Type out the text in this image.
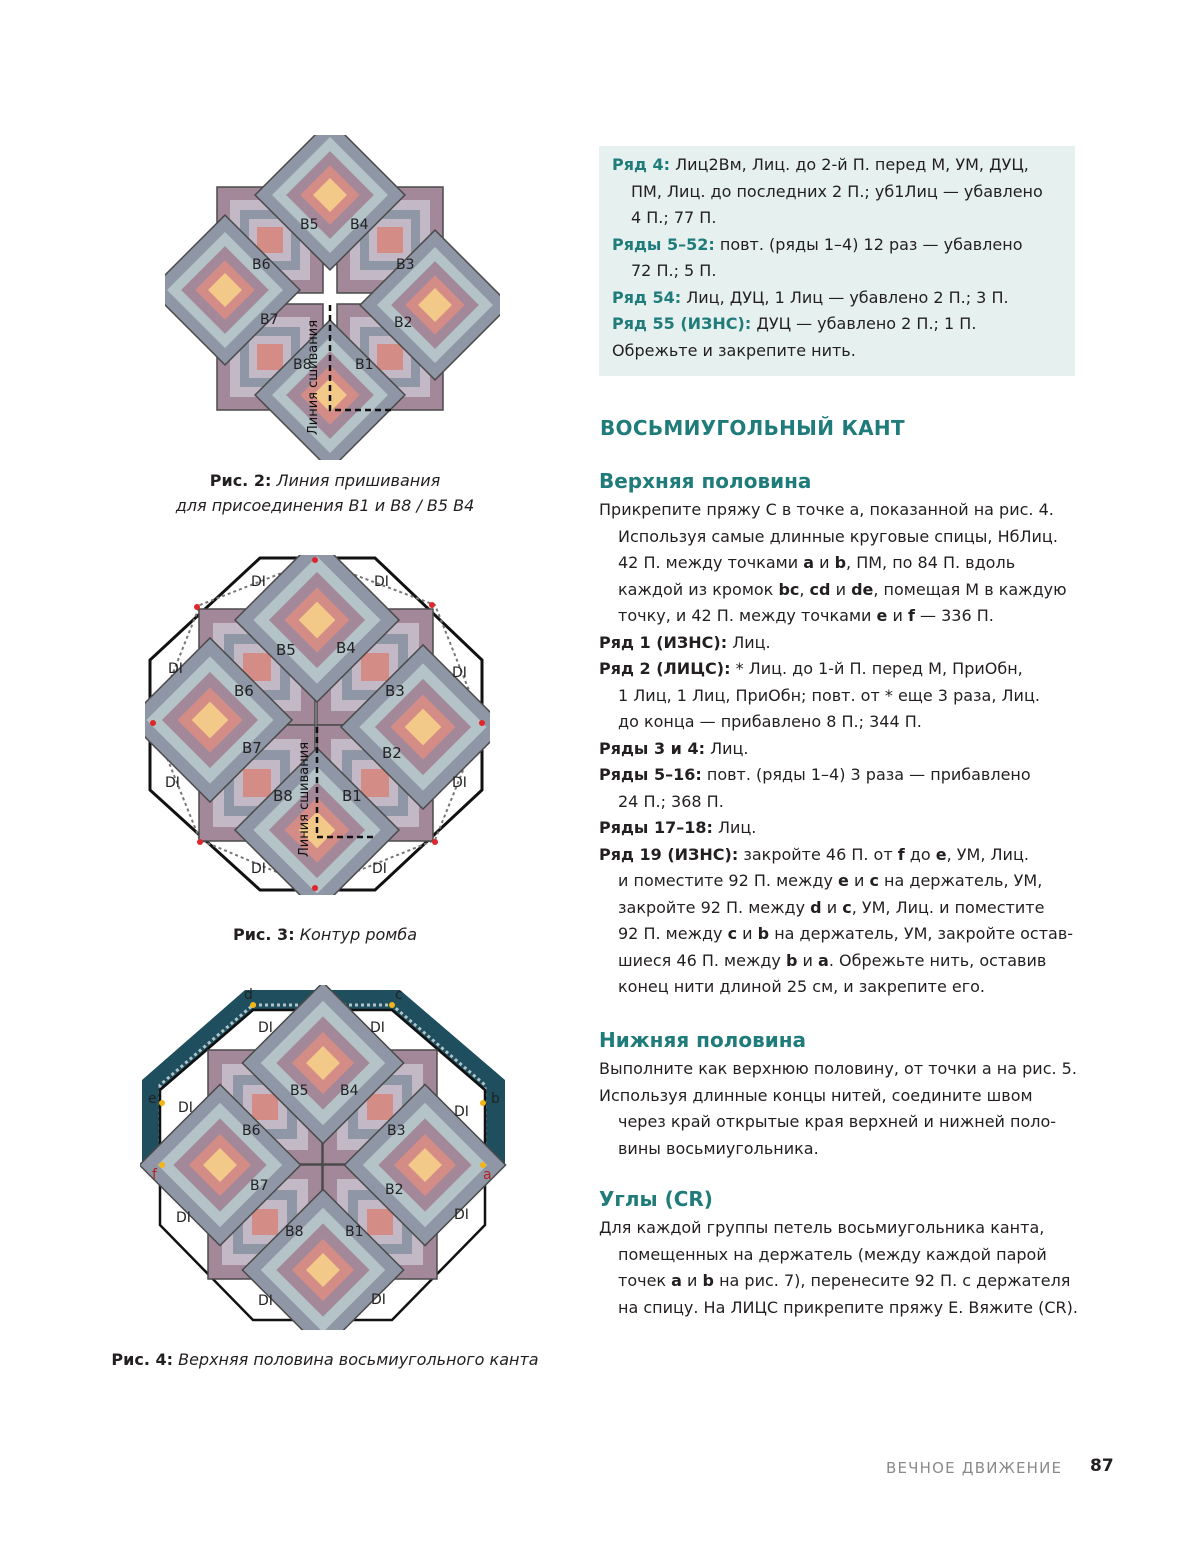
Линия сшивания
B5 B4
B3
B6
B2
B7
B8	B1
Рис. 2: Линия пришивания
для присоединения B1 и B8 / B5 B4
Линия сшивания
DI	DI
DI	DI
DI	DI
DI	DI
B5	B4
B6	B3
B7	B2
B8	B1
Рис. 3: Контур ромба
d	c
e	b
f	a
DI	DI
DI	DI
DI	DI
DI	DI
B5 B4
B6	B3
B7	B2
B8	B1
Рис. 4: Верхняя половина восьмиугольного канта
Ряд 4: Лиц2Вм, Лиц. до 2-й П. перед М, УМ, ДУЦ,
ПМ, Лиц. до последних 2 П.; уб1Лиц — убавлено
4 П.; 77 П.
Ряды 5–52: повт. (ряды 1–4) 12 раз — убавлено
72 П.; 5 П.
Ряд 54: Лиц, ДУЦ, 1 Лиц — убавлено 2 П.; 3 П.
Ряд 55 (ИЗНС): ДУЦ — убавлено 2 П.; 1 П.
Обрежьте и закрепите нить.
ВОСЬМИУГОЛЬНЫЙ КАНТ
Верхняя половина
Прикрепите пряжу С в точке а, показанной на рис. 4.
Используя самые длинные круговые спицы, НбЛиц.
42 П. между точками a и b, ПМ, по 84 П. вдоль
каждой из кромок bc, cd и de, помещая М в каждую
точку, и 42 П. между точками e и f — 336 П.
Ряд 1 (ИЗНС): Лиц.
Ряд 2 (ЛИЦС): * Лиц. до 1-й П. перед М, ПриОбн,
1 Лиц, 1 Лиц, ПриОбн; повт. от * еще 3 раза, Лиц.
до конца — прибавлено 8 П.; 344 П.
Ряды 3 и 4: Лиц.
Ряды 5–16: повт. (ряды 1–4) 3 раза — прибавлено
24 П.; 368 П.
Ряды 17–18: Лиц.
Ряд 19 (ИЗНС): закройте 46 П. от f до e, УМ, Лиц.
и поместите 92 П. между e и c на держатель, УМ,
закройте 92 П. между d и c, УМ, Лиц. и поместите
92 П. между c и b на держатель, УМ, закройте остав-
шиеся 46 П. между b и a. Обрежьте нить, оставив
конец нити длиной 25 см, и закрепите его.
Нижняя половина
Выполните как верхнюю половину, от точки а на рис. 5.
Используя длинные концы нитей, соедините швом
через край открытые края верхней и нижней поло-
вины восьмиугольника.
Углы (CR)
Для каждой группы петель восьмиугольника канта,
помещенных на держатель (между каждой парой
точек a и b на рис. 7), перенесите 92 П. с держателя
на спицу. На ЛИЦС прикрепите пряжу Е. Вяжите (CR).
ВЕЧНОЕ ДВИЖЕНИЕ 87
